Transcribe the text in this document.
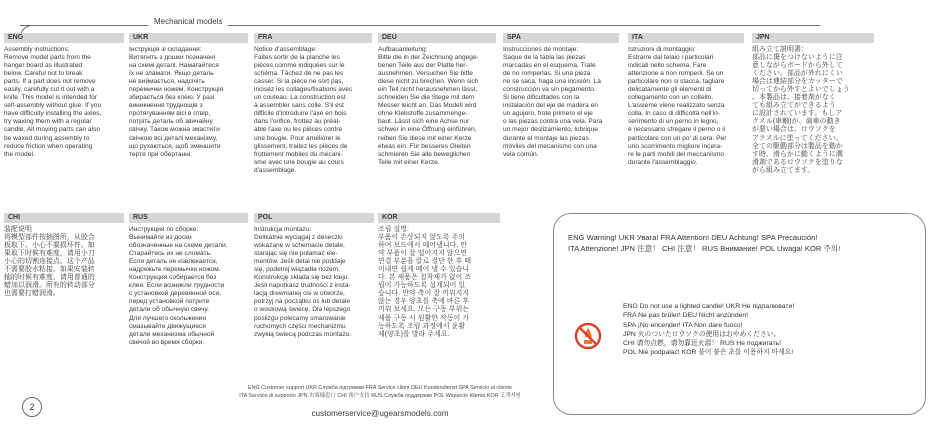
Mechanical models
ENG
Assembly instructions:
Remove model parts from the
hanger board as illustrated
below. Careful not to break
parts. If a part does not remove
easily, carefully cut it out with a
knife. This model is intended for
self-assembly without glue. If you
have difficulty installing the axles,
try waxing them with a regular
candle. All moving parts can also
be waxed during assembly to
reduce friction when operating
the model.
UKR
Інструкція зі складання:
Витягніть з дошки позначені
на схемі деталі. Намагайтеся
їх не зламати. Якщо деталь
не виймається, надсічіть
перемички ножем. Конструкція
збирається без клею. У разі
виникнення труднощів з
протягуванням вісі в отвір,
потріть деталь об звичайну
свічку. Також можна змастити
свічкою всі деталі механізму,
що рухаються, щоб зменшити
тертя при обертанні.
FRA
Notice d'assemblage:
Faites sortir de la planche les
pièces comme indiquées sur le
schéma. Tâchez de ne pas les
casser. Si la pièce ne sort pas,
incisez les collages/fixations avec
un couteau. La construction est
à assembler sans colle. S'il est
difficile d'introduire l'axe en bois
dans l'orifice, frottez au préal-
able l'axe ou les pièces contre
une bougie. Pour améliorer le
glissement, traitez les pièces de
frottement mobiles du mécani-
sme avec une bougie au cours
d'assemblage.
DEU
Aufbauanleitung:
Bitte die in der Zeichnung angege-
benen Teile aus der Platte her-
ausnehmen. Versuchen Sie bitte
diese nicht zu brechen. Wenn sich
ein Teil nicht herausnehmen lässt,
schneiden Sie die Stege mit dem
Messer leicht an. Das Modell wird
ohne Klebstoffe zusammenge-
baut. Lässt sich eine Achse nur
schwer in eine Öffnung einführen,
reiben Sie diese mit einer Kerze
etwas ein. Für besseres Gleiten
schmieren Sie alle beweglichen
Teile mit einer Kerze.
SPA
Instrucciones de montaje:
Saque de la tabla las piezas
marcadas en el esquema. Trate
de no romperlas. Si una pieza
no se saca, haga una incisión. La
construcción va sin pegamento.
Si tiene dificultades con la
instalación del eje de madera en
un agujero, frote primero el eje
o las piezas contra una vela. Para
un mejor deslizamiento, lubrique
durante el montaje las piezas
móviles del mecanismo con una
vela común.
ITA
Istruzioni di montaggio:
Estrarre dal telaio i particolari
indicati nello schema. Fare
attenzione a non romperli. Se un
particolare non si stacca, tagliare
delicatamente gli elementi di
collegamento con un coltello.
L'assieme viene realizzato senza
colla. In caso di difficoltà nell'in-
serimento di un perno in legno,
è necessario sfregare il perno o il
particolare con un po' di cera. Per
uno scorrimento migliore incera-
re le parti mobili del meccanismo
durante l'assemblaggio.
JPN
組み立て説明書：
部品に傷をつけないように注
意しながらボードから外して
ください。部品が外れにくい
場合は連結部分をカッターで
切ってから外すとよいでしょう
。本製品は、接着剤がなく
ても組み立てができるよう
に設計されています。もしア
クスル(車軸)が、歯車の動き
が悪い場合は、ロウソクを
アクスルに塗ってください。
全ての駆動部分は製品を動か
す時、滑らかに動くように潤
滑剤であるロウソクを塗りな
がら組み立てます。
CHI
装配说明
将模型部件按插图所，从胶合
板取下。小心不要损坏件。如
果取下时候有难度，请用小刀
小心的切割连接点。这个产品
不需要胶水粘接。如果安装转
轴的时候有难度，请用普通的
蜡加以润滑。所有的转动部分
也需要打蜡润滑。
RUS
Инструкция по сборке:
Вынимайте из доски
обозначенные на схеме детали.
Старайтесь их не сломать.
Если деталь не извлекается,
надрежьте перемычки ножом.
Конструкция собирается без
клея. Если возникли трудности
с установкой деревянной оси,
перед установкой потрите
детали об обычную свечу.
Для лучшего скольжения
смазывайте движущиеся
детали механизма обычной
свечой во время сборки.
POL
Instrukcja montażu:
Delikatnie wyciągaj z deseczki
wskazane w schemacie detale,
starając się nie połamać ele-
mentów. Jeśli detal nie poddaje
się, podetnij wiązadła nożem.
Konstrukcję składa się bez kleju.
Jeśli napotkasz trudności z insta-
lacją drewnianej osi w otworze,
potrzyj na początku oś lub detale
o woskową świecę. Dla lepszego
poslizgu polecamy smarowanie
ruchomych części mechanizmu
zwykłą świecą podczas montażu.
KOR
조립 설명:
부품이 손상되지 않도록 주의
하여 보드에서 떼어냅니다. 만
약 부품이 잘 떨어지지 않으면
연결 부분을 칼로 절단 한 후 떼
어내면 쉽게 떼어 낼 수 있습니
다. 본 제품은 접착제가 없이 조
립이 가능하도록 설계되어 있
습니다. 만약 축이 잘 끼워지지
않는 경우 양초를 축에 바른 후
끼워 보세요. 모든 구동 부위는
제품 구동 시 원활한 작동이 가
능하도록 조립 과정에서 윤활
제(양초)를 발라 주세요.
ENG Warning! UKR Увага! FRA Attention! DEU Achtung! SPA Precaución!
ITA Attenzione! JPN 注意！ CHI 注意！ RUS Внимание! POL Uwaga! KOR 주의!
ENG Do not use a lighted candle! UKR Не підпалювати!
FRA Ne pas brûler! DEU Nicht anzünden!
SPA ¡No encender! ITA Non dare fuoco!
JPN 火のついたロウソクの使用はおやめください。
CHI 请勿点燃，请勿靠近火源！ RUS Не поджигать!
POL Nie podpalać! KOR 불이 붙은 초를 이용하지 마세요!
ENG Customer support UKR Служба підтримки FRA Service client DEU Kundendienst SPA Servicio al cliente
ITA Servizio di supporto JPN お客様窓口 CHI 客户支持 RUS Служба поддержки POL Wsparcie klienta KOR 고객지원
customerservice@ugearsmodels.com
2
